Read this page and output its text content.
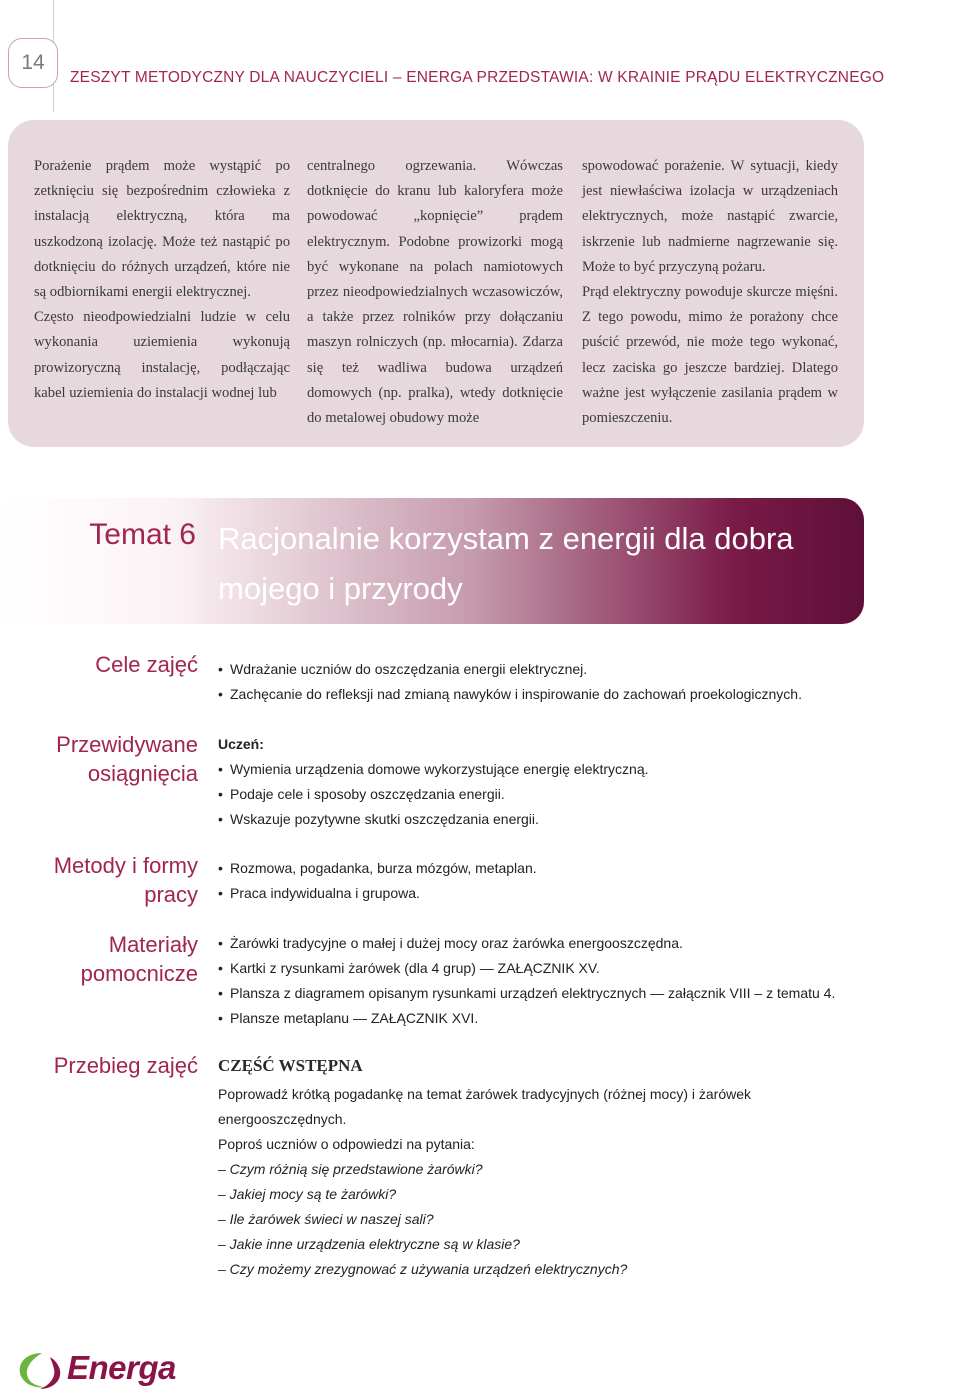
14
ZESZYT METODYCZNY DLA NAUCZYCIELI – ENERGA PRZEDSTAWIA: W KRAINIE PRĄDU ELEKTRYCZNEGO

Porażenie prądem może wystąpić po zetknięciu się bezpośrednim człowieka z instalacją elektryczną, która ma uszkodzoną izolację. Może też nastąpić po dotknięciu do różnych urządzeń, które nie są odbiornikami energii elektrycznej.

Często nieodpowiedzialni ludzie w celu wykonania uziemienia wykonują prowizoryczną instalację, podłączając kabel uziemienia do instalacji wodnej lub

centralnego ogrzewania. Wówczas dotknięcie do kranu lub kaloryfera może powodować „kopnięcie” prądem elektrycznym. Podobne prowizorki mogą być wykonane na polach namiotowych przez nieodpowiedzialnych wczasowiczów, a także przez rolników przy dołączaniu maszyn rolniczych (np. młocarnia). Zdarza się też wadliwa budowa urządzeń domowych (np. pralka), wtedy dotknięcie do metalowej obudowy może

spowodować porażenie. W sytuacji, kiedy jest niewłaściwa izolacja w urządzeniach elektrycznych, może nastąpić zwarcie, iskrzenie lub nadmierne nagrzewanie się. Może to być przyczyną pożaru.

Prąd elektryczny powoduje skurcze mięśni. Z tego powodu, mimo że porażony chce puścić przewód, nie może tego wykonać, lecz zaciska go jeszcze bardziej. Dlatego ważne jest wyłączenie zasilania prądem w pomieszczeniu.

Temat 6 Racjonalnie korzystam z energii dla dobra mojego i przyrody
Cele zajęć • Wdrażanie uczniów do oszczędzania energii elektrycznej.
• Zachęcanie do refleksji nad zmianą nawyków i inspirowanie do zachowań proekologicznych.
Przewidywane
osiągnięcia
Uczeń:
• Wymienia urządzenia domowe wykorzystujące energię elektryczną.
• Podaje cele i sposoby oszczędzania energii.
• Wskazuje pozytywne skutki oszczędzania energii.
Metody i formy
pracy
• Rozmowa, pogadanka, burza mózgów, metaplan.
• Praca indywidualna i grupowa.
Materiały
pomocnicze
• Żarówki tradycyjne o małej i dużej mocy oraz żarówka energooszczędna.
• Kartki z rysunkami żarówek (dla 4 grup) — ZAŁĄCZNIK XV.
• Plansza z diagramem opisanym rysunkami urządzeń elektrycznych — załącznik VIII – z tematu 4.
• Plansze metaplanu — ZAŁĄCZNIK XVI.
Przebieg zajęć CZĘŚĆ WSTĘPNA

Poprowadź krótką pogadankę na temat żarówek tradycyjnych (różnej mocy) i żarówek energooszczędnych.

Poproś uczniów o odpowiedzi na pytania:

– Czym różnią się przedstawione żarówki?

– Jakiej mocy są te żarówki?

– Ile żarówek świeci w naszej sali?

– Jakie inne urządzenia elektryczne są w klasie?

– Czy możemy zrezygnować z używania urządzeń elektrycznych?

Energa
